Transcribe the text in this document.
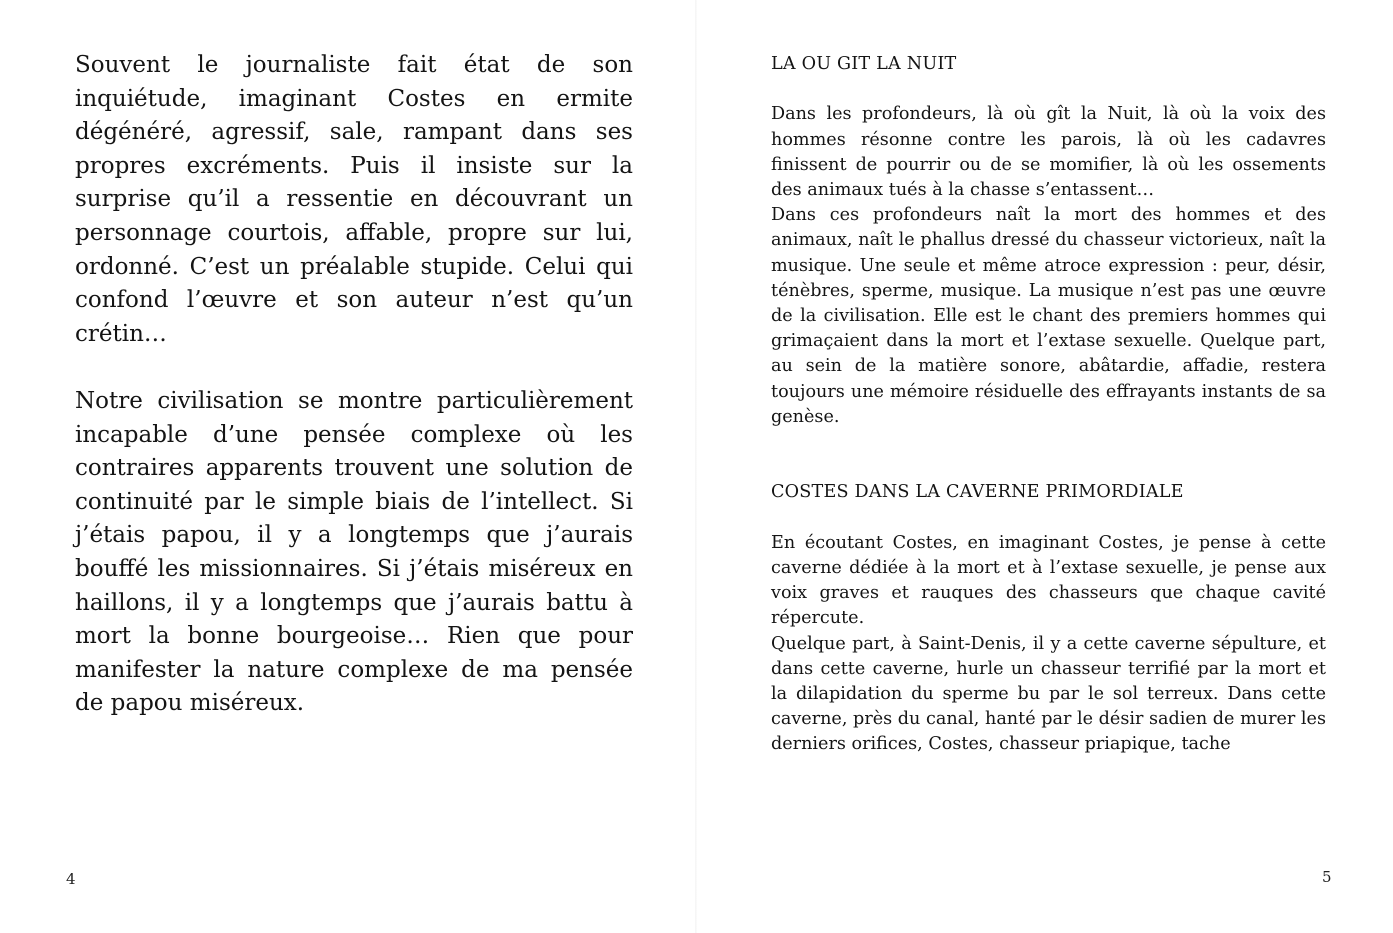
Souvent le journaliste fait état de son inquiétude, imaginant Costes en ermite dégénéré, agressif, sale, rampant dans ses propres excréments. Puis il insiste sur la surprise qu’il a ressentie en découvrant un personnage courtois, affable, propre sur lui, ordonné. C’est un préalable stupide. Celui qui confond l’œuvre et son auteur n’est qu’un crétin…

Notre civilisation se montre particulièrement incapable d’une pensée complexe où les contraires apparents trouvent une solution de continuité par le simple biais de l’intellect. Si j’étais papou, il y a longtemps que j’aurais bouffé les missionnaires. Si j’étais miséreux en haillons, il y a longtemps que j’aurais battu à mort la bonne bourgeoise… Rien que pour manifester la nature complexe de ma pensée de papou miséreux.

4
LA OU GIT LA NUIT

Dans les profondeurs, là où gît la Nuit, là où la voix des hommes résonne contre les parois, là où les cadavres finissent de pourrir ou de se momifier, là où les ossements des animaux tués à la chasse s’entassent…

Dans ces profondeurs naît la mort des hommes et des animaux, naît le phallus dressé du chasseur victorieux, naît la musique. Une seule et même atroce expression : peur, désir, ténèbres, sperme, musique. La musique n’est pas une œuvre de la civilisation. Elle est le chant des premiers hommes qui grimaçaient dans la mort et l’extase sexuelle. Quelque part, au sein de la matière sonore, abâtardie, affadie, restera toujours une mémoire résiduelle des effrayants instants de sa genèse.

COSTES DANS LA CAVERNE PRIMORDIALE

En écoutant Costes, en imaginant Costes, je pense à cette caverne dédiée à la mort et à l’extase sexuelle, je pense aux voix graves et rauques des chasseurs que chaque cavité répercute.

Quelque part, à Saint-Denis, il y a cette caverne sépulture, et dans cette caverne, hurle un chasseur terrifié par la mort et la dilapidation du sperme bu par le sol terreux. Dans cette caverne, près du canal, hanté par le désir sadien de murer les derniers orifices, Costes, chasseur priapique, tache

5
